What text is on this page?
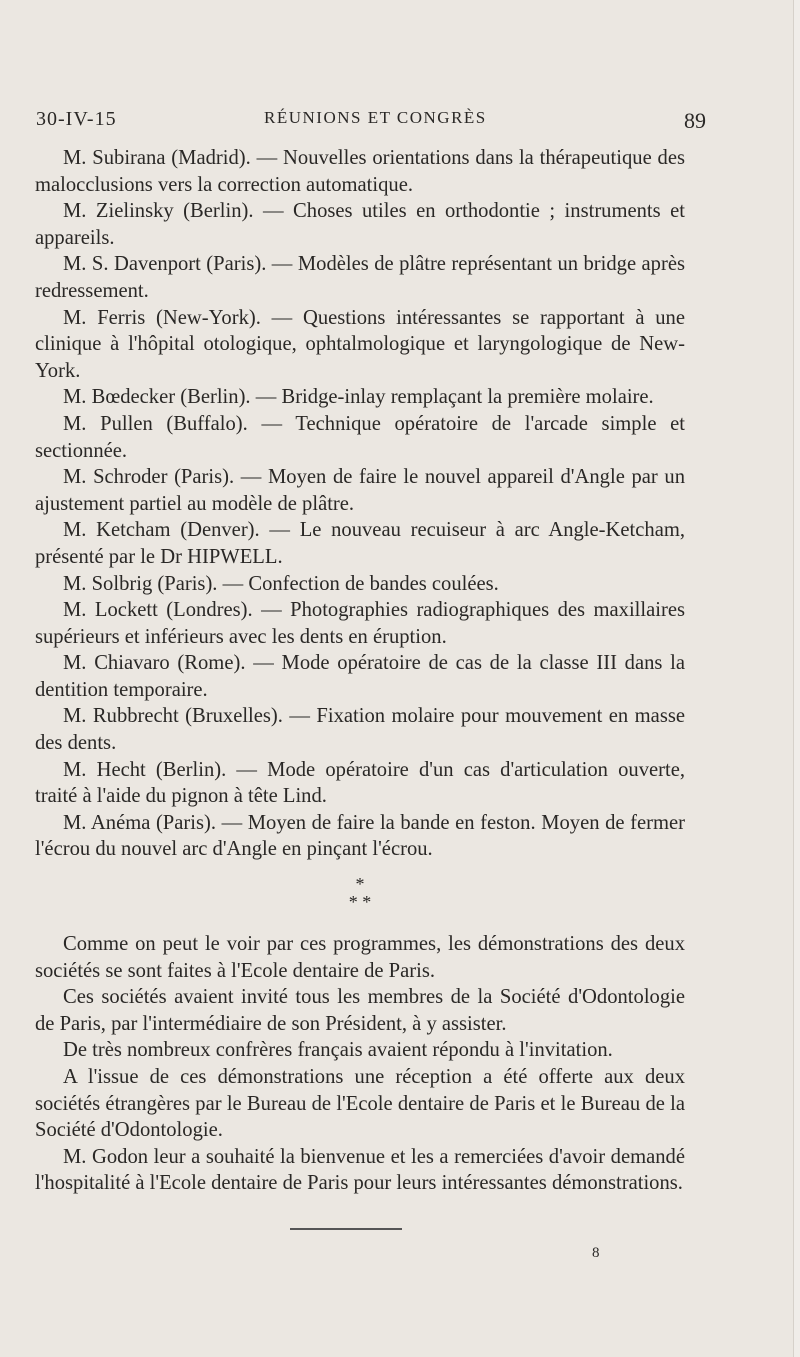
30-IV-15	RÉUNIONS ET CONGRÈS	89

M. Subirana (Madrid). — Nouvelles orientations dans la thérapeutique des malocclusions vers la correction automatique.

M. Zielinsky (Berlin). — Choses utiles en orthodontie ; instruments et appareils.

M. S. Davenport (Paris). — Modèles de plâtre représentant un bridge après redressement.

M. Ferris (New-York). — Questions intéressantes se rapportant à une clinique à l'hôpital otologique, ophtalmologique et laryngologique de New-York.

M. Bœdecker (Berlin). — Bridge-inlay remplaçant la première molaire.

M. Pullen (Buffalo). — Technique opératoire de l'arcade simple et sectionnée.

M. Schroder (Paris). — Moyen de faire le nouvel appareil d'Angle par un ajustement partiel au modèle de plâtre.

M. Ketcham (Denver). — Le nouveau recuiseur à arc Angle-Ketcham, présenté par le Dr HIPWELL.

M. Solbrig (Paris). — Confection de bandes coulées.

M. Lockett (Londres). — Photographies radiographiques des maxillaires supérieurs et inférieurs avec les dents en éruption.

M. Chiavaro (Rome). — Mode opératoire de cas de la classe III dans la dentition temporaire.

M. Rubbrecht (Bruxelles). — Fixation molaire pour mouvement en masse des dents.

M. Hecht (Berlin). — Mode opératoire d'un cas d'articulation ouverte, traité à l'aide du pignon à tête Lind.

M. Anéma (Paris). — Moyen de faire la bande en feston. Moyen de fermer l'écrou du nouvel arc d'Angle en pinçant l'écrou.

*
* *

Comme on peut le voir par ces programmes, les démonstrations des deux sociétés se sont faites à l'Ecole dentaire de Paris.

Ces sociétés avaient invité tous les membres de la Société d'Odontologie de Paris, par l'intermédiaire de son Président, à y assister.

De très nombreux confrères français avaient répondu à l'invitation.

A l'issue de ces démonstrations une réception a été offerte aux deux sociétés étrangères par le Bureau de l'Ecole dentaire de Paris et le Bureau de la Société d'Odontologie.

M. Godon leur a souhaité la bienvenue et les a remerciées d'avoir demandé l'hospitalité à l'Ecole dentaire de Paris pour leurs intéressantes démonstrations.

8
